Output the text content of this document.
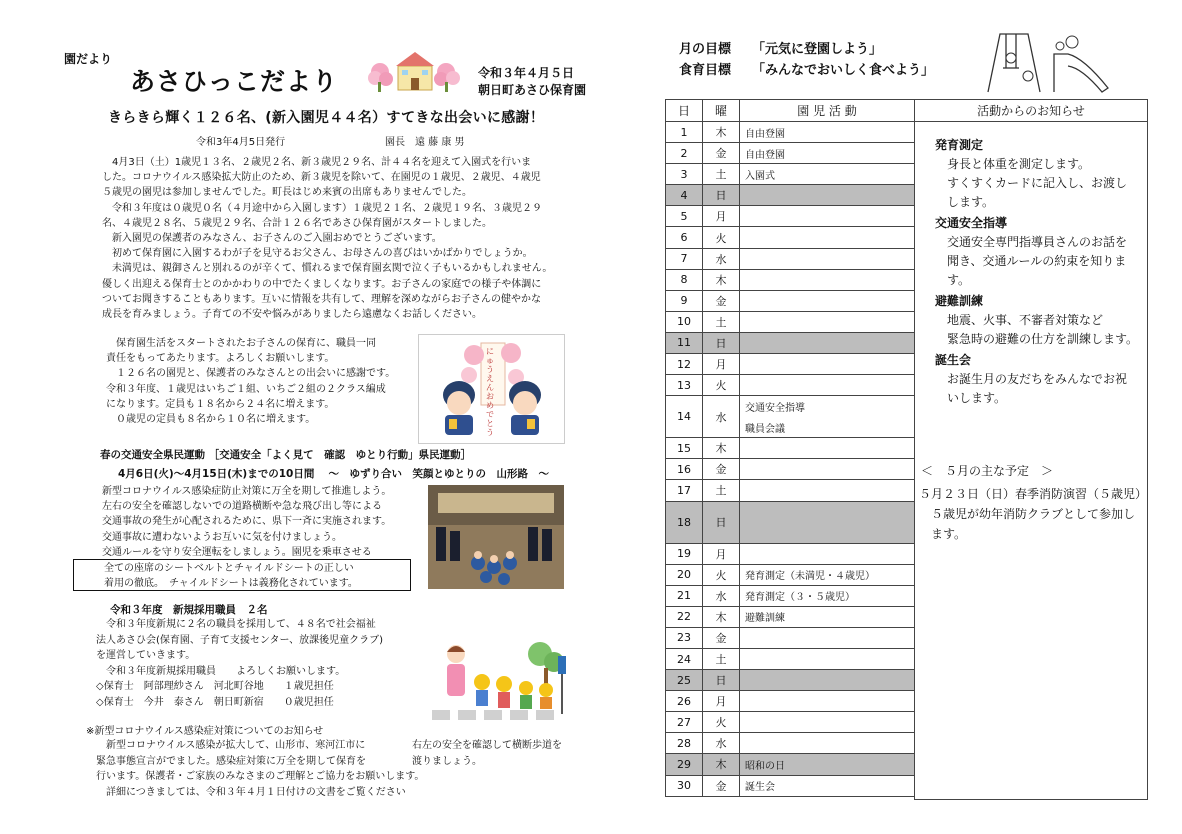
園だより
あさひっこだより	令和３年４月５日
朝日町あさひ保育園
きらきら輝く１２６名、(新入園児４４名）すてきな出会いに感謝！
令和3年4月5日発行	園長　遠 藤 康 男
　4月3日（土）1歳児１３名、２歳児２名、新３歳児２９名、計４４名を迎えて入園式を行いま
した。コロナウイルス感染拡大防止のため、新３歳児を除いて、在園児の１歳児、２歳児、４歳児
５歳児の園児は参加しませんでした。町長はじめ来賓の出席もありませんでした。
　令和３年度は０歳児０名（４月途中から入園します）１歳児２１名、２歳児１９名、３歳児２９
名、４歳児２８名、５歳児２９名、合計１２６名であさひ保育園がスタートしました。
　新入園児の保護者のみなさん、お子さんのご入園おめでとうございます。
　初めて保育園に入園するわが子を見守るお父さん、お母さんの喜びはいかばかりでしょうか。
　未満児は、親御さんと別れるのが辛くて、慣れるまで保育園玄関で泣く子もいるかもしれません。
優しく出迎える保育士とのかかわりの中でたくましくなります。お子さんの家庭での様子や体調に
ついてお聞きすることもあります。互いに情報を共有して、理解を深めながらお子さんの健やかな
成長を育みましょう。子育ての不安や悩みがありましたら遠慮なくお話しください。
　保育園生活をスタートされたお子さんの保育に、職員一同
責任をもってあたります。よろしくお願いします。
　１２６名の園児と、保護者のみなさんとの出会いに感謝です。
令和３年度、１歳児はいちご１組、いちご２組の２クラス編成
になります。定員も１８名から２４名に増えます。
　０歳児の定員も８名から１０名に増えます。
にゅうえんおめでとう
春の交通安全県民運動 ［交通安全「よく見て　確認　ゆとり行動」県民運動］
4月6日(火)～4月15日(木)までの10日間　 ～　ゆずり合い　笑顔とゆとりの　山形路　～
新型コロナウイルス感染症防止対策に万全を期して推進しよう。
左右の安全を確認しないでの道路横断や急な飛び出し等による
交通事故の発生が心配されるために、県下一斉に実施されます。
交通事故に遭わないようお互いに気を付けましょう。
交通ルールを守り安全運転をしましょう。園児を乗車させる
全ての座席のシートベルトとチャイルドシートの正しい
着用の徹底。　チャイルドシートは義務化されています。
令和３年度　新規採用職員　２名
　令和３年度新規に２名の職員を採用して、４８名で社会福祉
法人あさひ会(保育園、子育て支援センター、放課後児童クラブ)
を運営していきます。
　令和３年度新規採用職員　　よろしくお願いします。
◇保育士　阿部理紗さん　河北町谷地　　１歳児担任
◇保育士　今井　泰さん　朝日町新宿　　０歳児担任
※新型コロナウイルス感染症対策についてのお知らせ
　新型コロナウイルス感染が拡大して、山形市、寒河江市に
緊急事態宣言がでました。感染症対策に万全を期して保育を
行います。保護者・ご家族のみなさまのご理解とご協力をお願いします。
　詳細につきましては、令和３年４月１日付けの文書をご覧ください
右左の安全を確認して横断歩道を
渡りましょう。
月の目標 「元気に登園しよう」
食育目標 「みんなでおいしく食べよう」
日	曜	園 児 活 動
1	木	自由登園

2	金	自由登園

3	土	入園式

4	日	

5	月	

6	火	

7	水	

8	木	

9	金	

10	土	

11	日	

12	月	

13	火	

14	水	交通安全指導
職員会議

15	木	

16	金	

17	土	

18	日	

19	月	

20	火	発育測定（未満児・４歳児）

21	水	発育測定（３・５歳児）

22	木	避難訓練

23	金	

24	土	

25	日	

26	月	

27	火	

28	水	

29	木	昭和の日

30	金	誕生会
活動からのお知らせ
発育測定
　身長と体重を測定します。
　すくすくカードに記入し、お渡し
　します。
交通安全指導
　交通安全専門指導員さんのお話を
　聞き、交通ルールの約束を知りま
　す。
避難訓練
　地震、火事、不審者対策など
　緊急時の避難の仕方を訓練します。
誕生会
　お誕生月の友だちをみんなでお祝
　いします。
＜　５月の主な予定　＞
５月２３日（日）春季消防演習（５歳児）
　５歳児が幼年消防クラブとして参加し
　ます。
